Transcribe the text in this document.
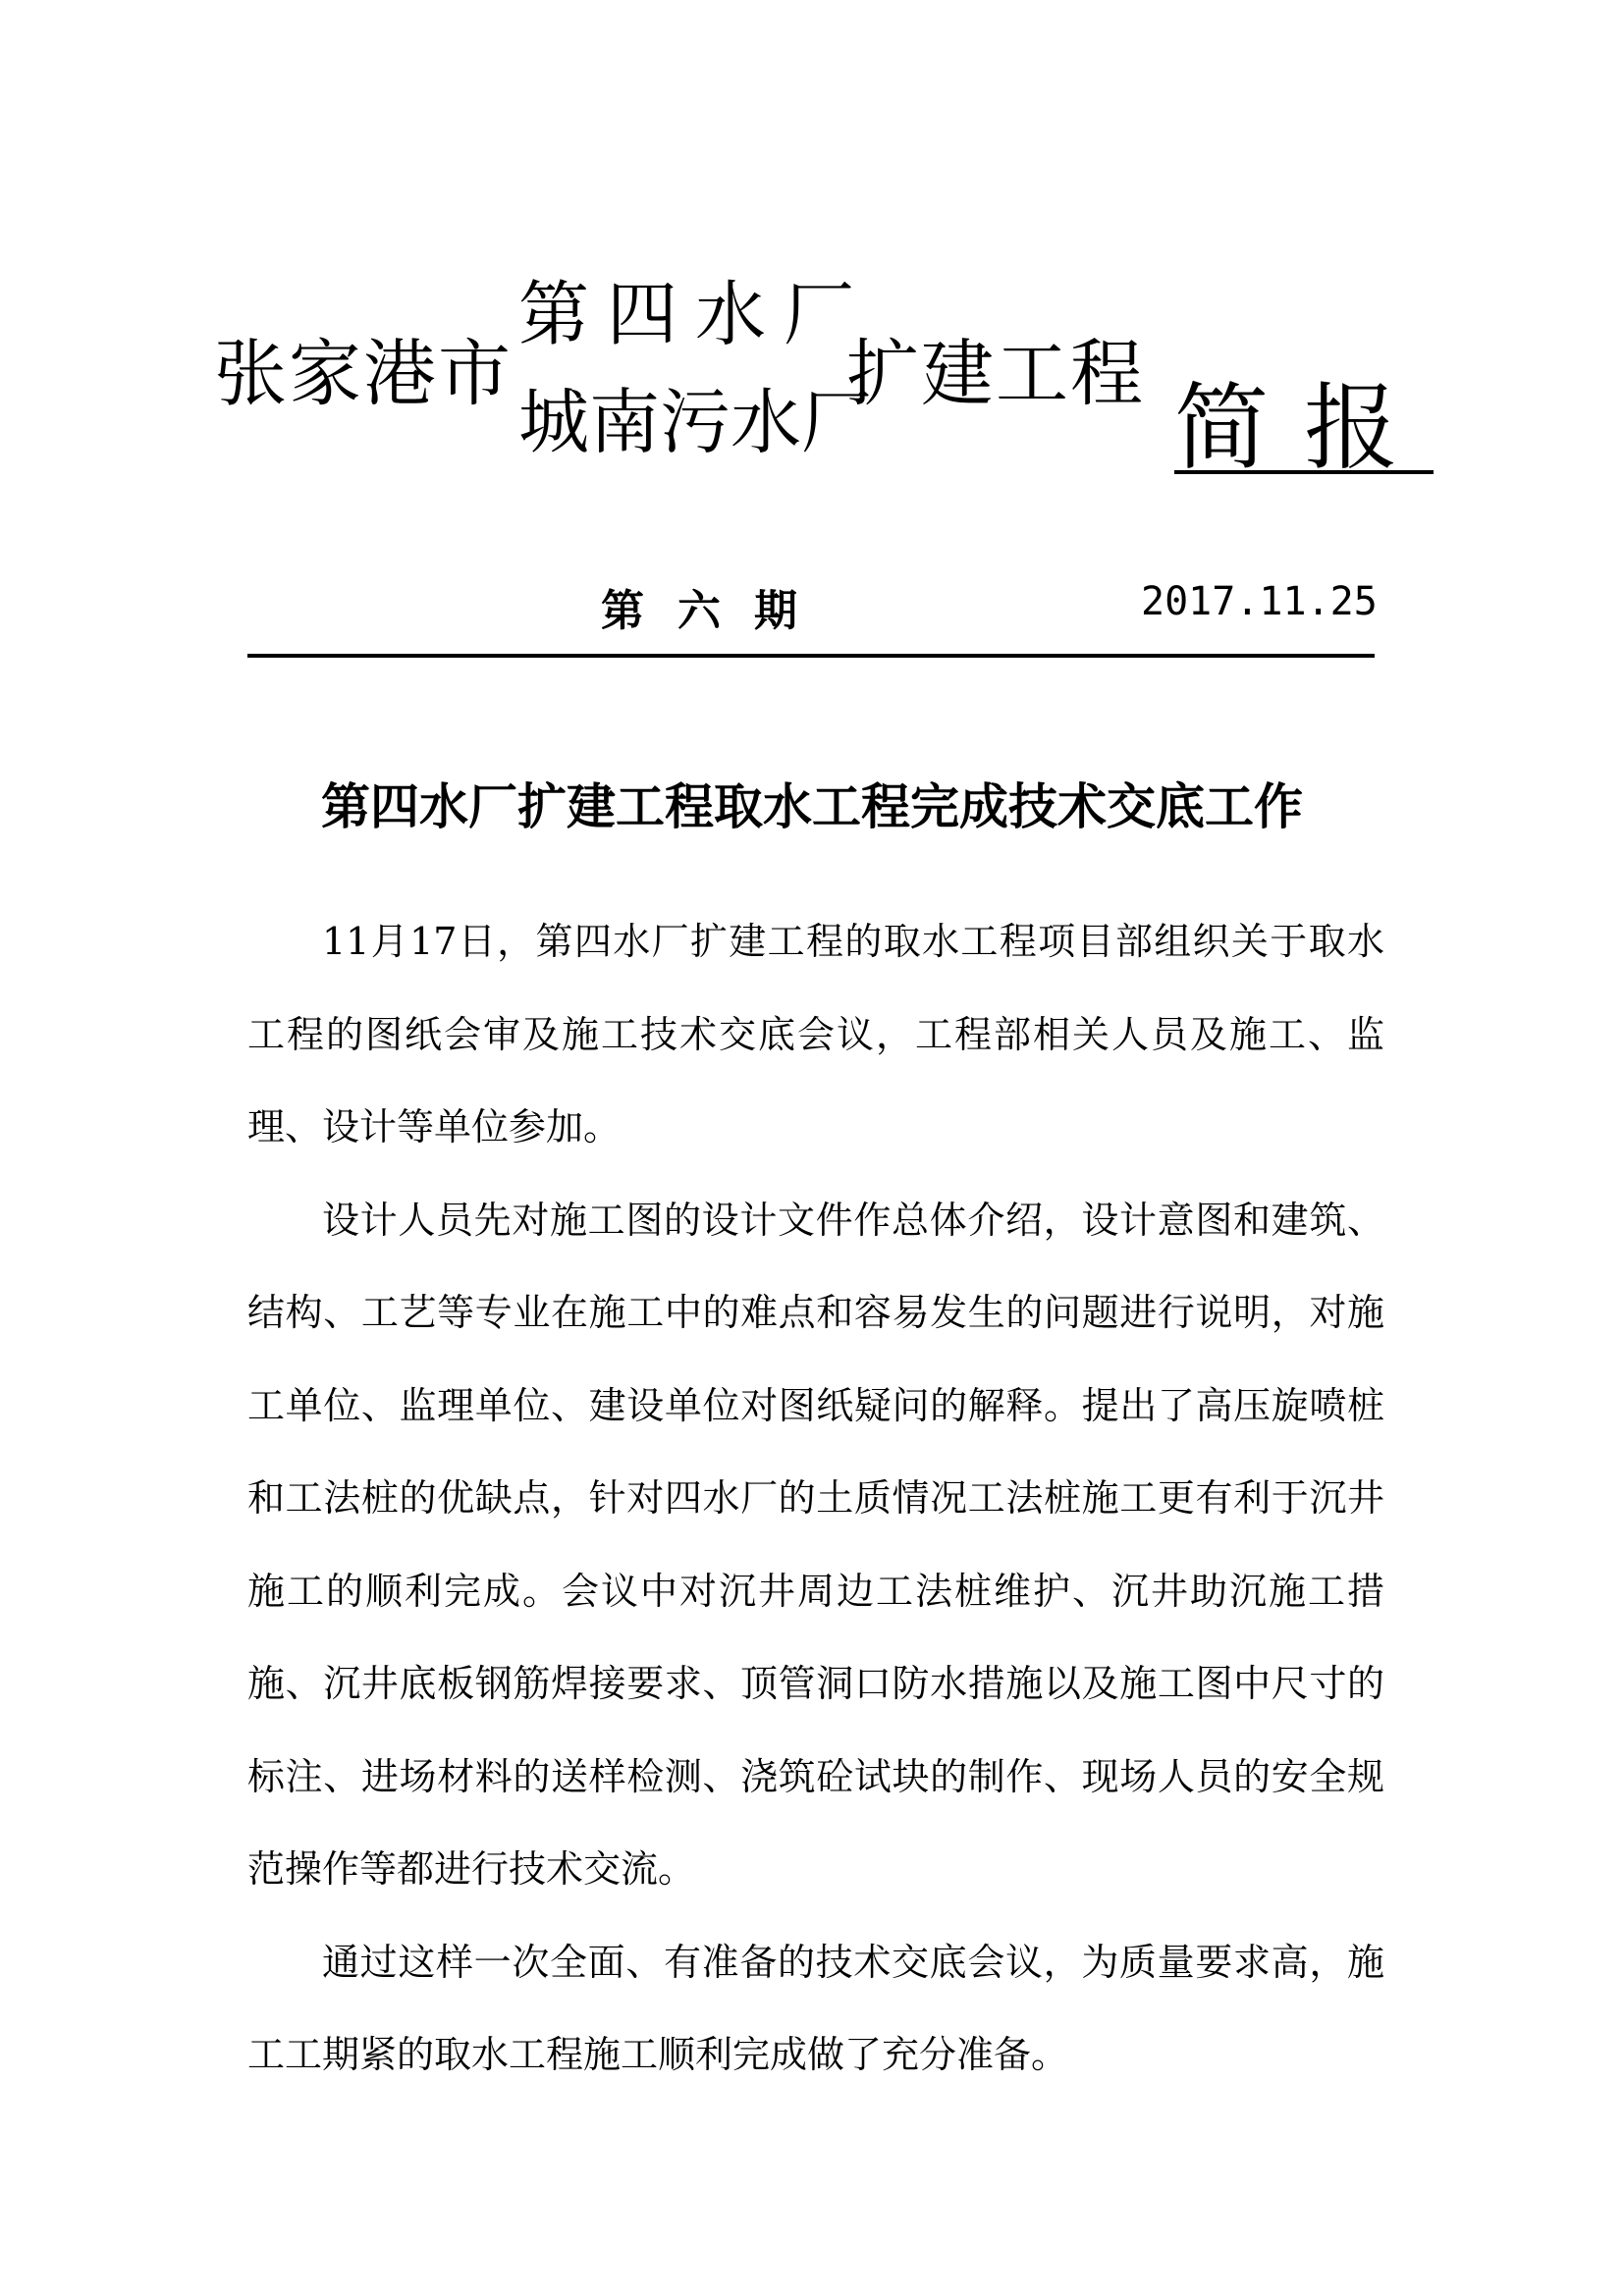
张家港市
第四水厂
城南污水厂
扩建工程 简报
第六期	2017.11.25
第四水厂扩建工程取水工程完成技术交底工作

11月17日，第四水厂扩建工程的取水工程项目部组织关于取水工程的图纸会审及施工技术交底会议，工程部相关人员及施工、监理、设计等单位参加。

设计人员先对施工图的设计文件作总体介绍，设计意图和建筑、结构、工艺等专业在施工中的难点和容易发生的问题进行说明，对施工单位、监理单位、建设单位对图纸疑问的解释。提出了高压旋喷桩和工法桩的优缺点，针对四水厂的土质情况工法桩施工更有利于沉井施工的顺利完成。会议中对沉井周边工法桩维护、沉井助沉施工措施、沉井底板钢筋焊接要求、顶管洞口防水措施以及施工图中尺寸的标注、进场材料的送样检测、浇筑砼试块的制作、现场人员的安全规范操作等都进行技术交流。

通过这样一次全面、有准备的技术交底会议，为质量要求高，施工工期紧的取水工程施工顺利完成做了充分准备。
